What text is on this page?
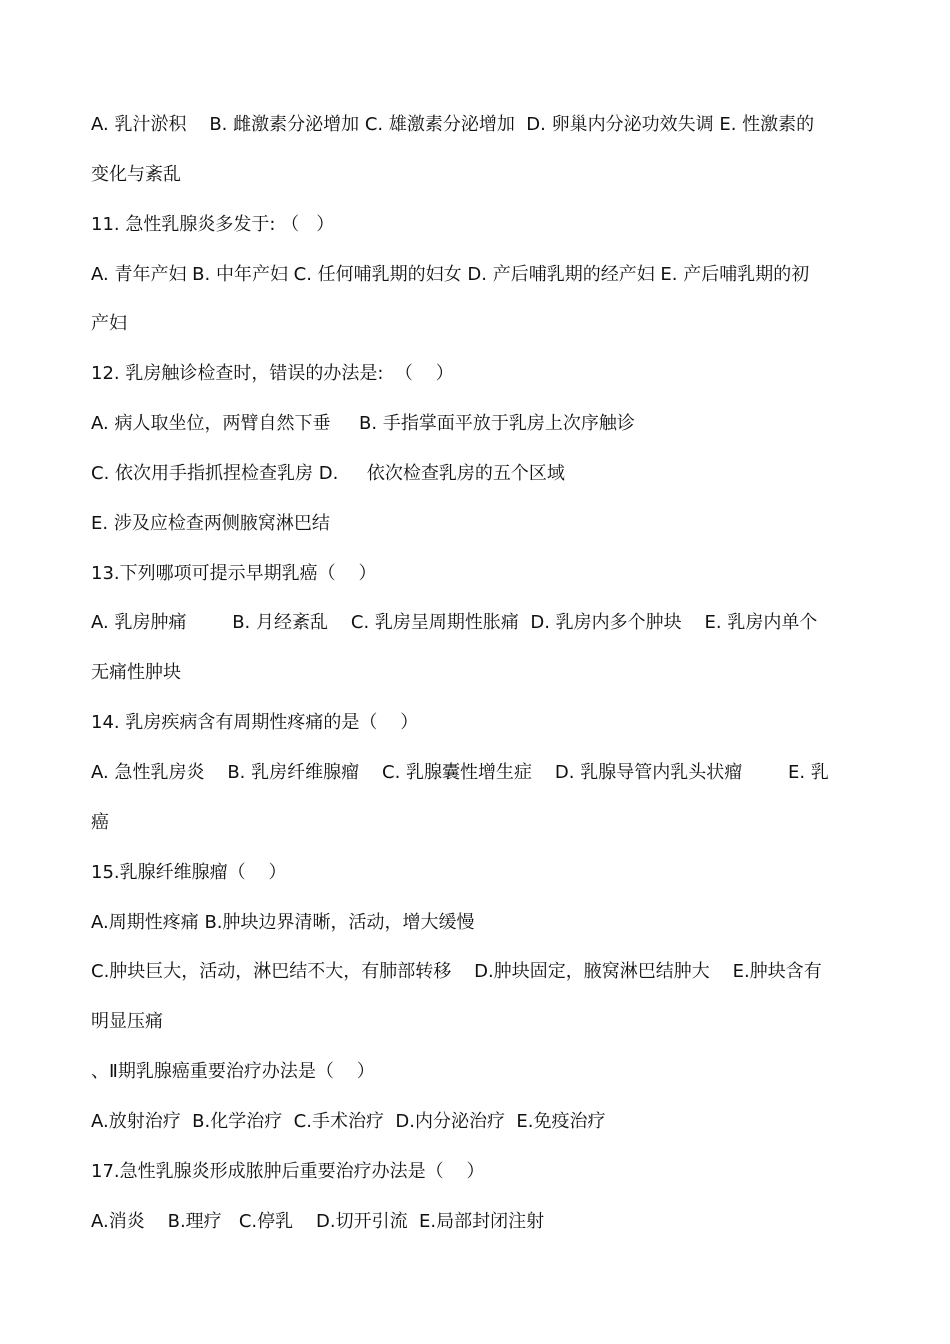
A. 乳汁淤积    B. 雌激素分泌增加 C. 雄激素分泌增加  D. 卵巢内分泌功效失调 E. 性激素的
变化与紊乱
11. 急性乳腺炎多发于: （   ）
A. 青年产妇 B. 中年产妇 C. 任何哺乳期的妇女 D. 产后哺乳期的经产妇 E. 产后哺乳期的初
产妇
12. 乳房触诊检查时，错误的办法是:  （    ）
A. 病人取坐位，两臂自然下垂     B. 手指掌面平放于乳房上次序触诊
C. 依次用手指抓捏检查乳房 D.     依次检查乳房的五个区域
E. 涉及应检查两侧腋窝淋巴结
13.下列哪项可提示早期乳癌（    ）
A. 乳房肿痛        B. 月经紊乱    C. 乳房呈周期性胀痛  D. 乳房内多个肿块    E. 乳房内单个
无痛性肿块
14. 乳房疾病含有周期性疼痛的是（    ）
A. 急性乳房炎    B. 乳房纤维腺瘤    C. 乳腺囊性增生症    D. 乳腺导管内乳头状瘤        E. 乳
癌
15.乳腺纤维腺瘤（    ）
A.周期性疼痛 B.肿块边界清晰，活动，增大缓慢
C.肿块巨大，活动，淋巴结不大，有肺部转移    D.肿块固定，腋窝淋巴结肿大    E.肿块含有
明显压痛
、Ⅱ期乳腺癌重要治疗办法是（    ）
A.放射治疗  B.化学治疗  C.手术治疗  D.内分泌治疗  E.免疫治疗
17.急性乳腺炎形成脓肿后重要治疗办法是（    ）
A.消炎    B.理疗   C.停乳    D.切开引流  E.局部封闭注射
